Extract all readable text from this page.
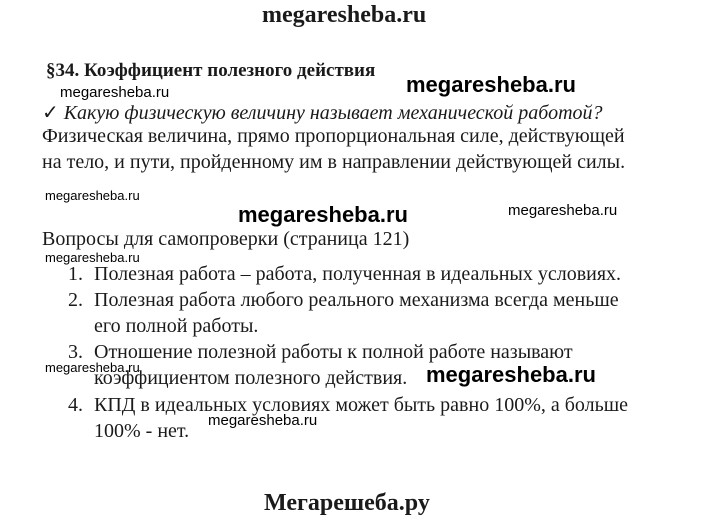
megaresheba.ru
§34. Коэффициент полезного действия
megaresheba.ru	megaresheba.ru
✓ Какую физическую величину называет механической работой?
Физическая величина, прямо пропорциональная силе, действующей
на тело, и пути, пройденному им в направлении действующей силы.
megaresheba.ru
megaresheba.ru	megaresheba.ru
Вопросы для самопроверки (страница 121)
megaresheba.ru
1. Полезная работа – работа, полученная в идеальных условиях.
2. Полезная работа любого реального механизма всегда меньше
его полной работы.
3. Отношение полезной работы к полной работе называют
megaresheba.ru
коэффициентом полезного действия. megaresheba.ru
4. КПД в идеальных условиях может быть равно 100%, а больше
100% - нет. megaresheba.ru
Мегарешеба.ру
